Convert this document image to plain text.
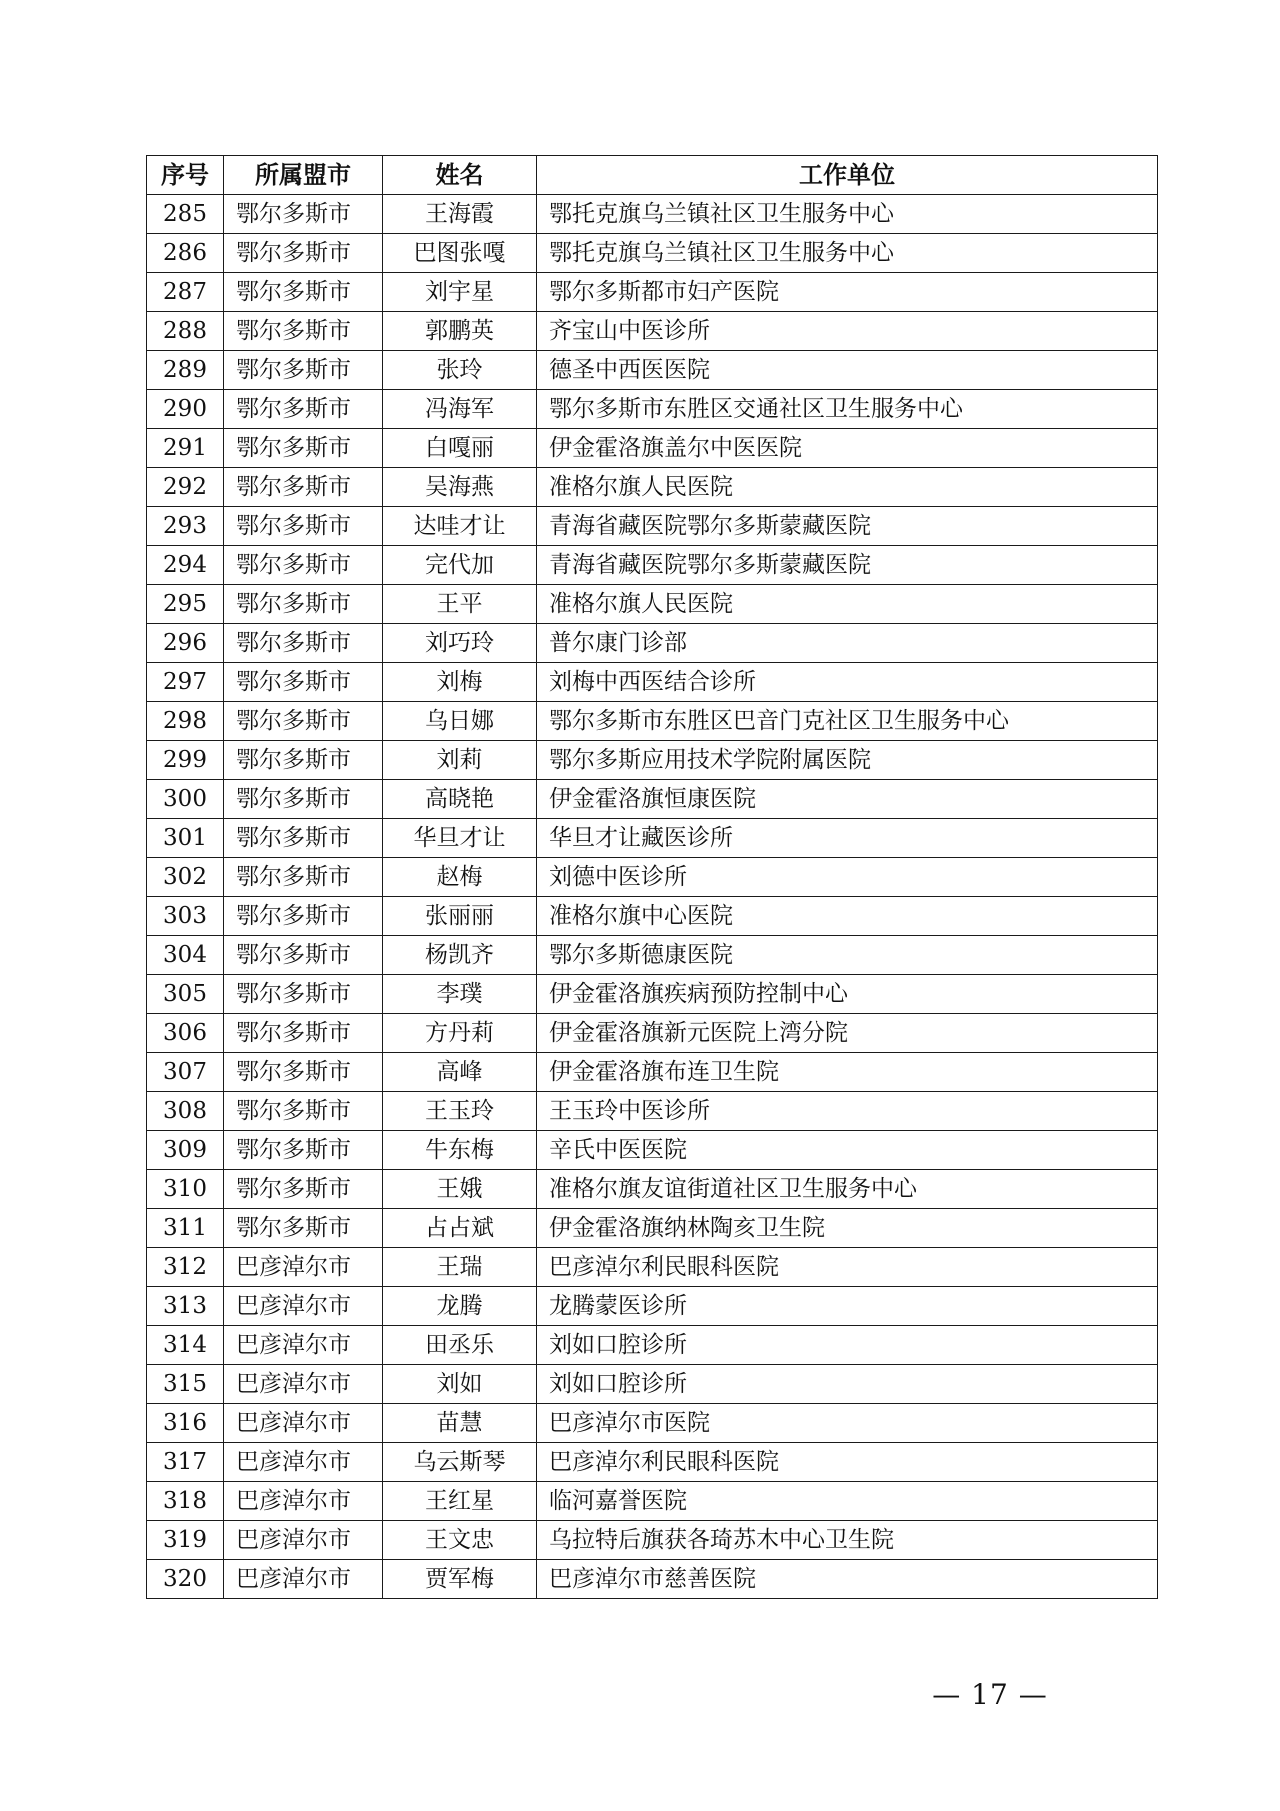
序号	所属盟市	姓名	工作单位
285	鄂尔多斯市	王海霞	鄂托克旗乌兰镇社区卫生服务中心
286	鄂尔多斯市	巴图张嘎	鄂托克旗乌兰镇社区卫生服务中心
287	鄂尔多斯市	刘宇星	鄂尔多斯都市妇产医院
288	鄂尔多斯市	郭鹏英	齐宝山中医诊所
289	鄂尔多斯市	张玲	德圣中西医医院
290	鄂尔多斯市	冯海军	鄂尔多斯市东胜区交通社区卫生服务中心
291	鄂尔多斯市	白嘎丽	伊金霍洛旗盖尔中医医院
292	鄂尔多斯市	吴海燕	准格尔旗人民医院
293	鄂尔多斯市	达哇才让	青海省藏医院鄂尔多斯蒙藏医院
294	鄂尔多斯市	完代加	青海省藏医院鄂尔多斯蒙藏医院
295	鄂尔多斯市	王平	准格尔旗人民医院
296	鄂尔多斯市	刘巧玲	普尔康门诊部
297	鄂尔多斯市	刘梅	刘梅中西医结合诊所
298	鄂尔多斯市	乌日娜	鄂尔多斯市东胜区巴音门克社区卫生服务中心
299	鄂尔多斯市	刘莉	鄂尔多斯应用技术学院附属医院
300	鄂尔多斯市	高晓艳	伊金霍洛旗恒康医院
301	鄂尔多斯市	华旦才让	华旦才让藏医诊所
302	鄂尔多斯市	赵梅	刘德中医诊所
303	鄂尔多斯市	张丽丽	准格尔旗中心医院
304	鄂尔多斯市	杨凯齐	鄂尔多斯德康医院
305	鄂尔多斯市	李璞	伊金霍洛旗疾病预防控制中心
306	鄂尔多斯市	方丹莉	伊金霍洛旗新元医院上湾分院
307	鄂尔多斯市	高峰	伊金霍洛旗布连卫生院
308	鄂尔多斯市	王玉玲	王玉玲中医诊所
309	鄂尔多斯市	牛东梅	辛氏中医医院
310	鄂尔多斯市	王娥	准格尔旗友谊街道社区卫生服务中心
311	鄂尔多斯市	占占斌	伊金霍洛旗纳林陶亥卫生院
312	巴彦淖尔市	王瑞	巴彦淖尔利民眼科医院
313	巴彦淖尔市	龙腾	龙腾蒙医诊所
314	巴彦淖尔市	田丞乐	刘如口腔诊所
315	巴彦淖尔市	刘如	刘如口腔诊所
316	巴彦淖尔市	苗慧	巴彦淖尔市医院
317	巴彦淖尔市	乌云斯琴	巴彦淖尔利民眼科医院
318	巴彦淖尔市	王红星	临河嘉誉医院
319	巴彦淖尔市	王文忠	乌拉特后旗获各琦苏木中心卫生院
320	巴彦淖尔市	贾军梅	巴彦淖尔市慈善医院
— 17 —
